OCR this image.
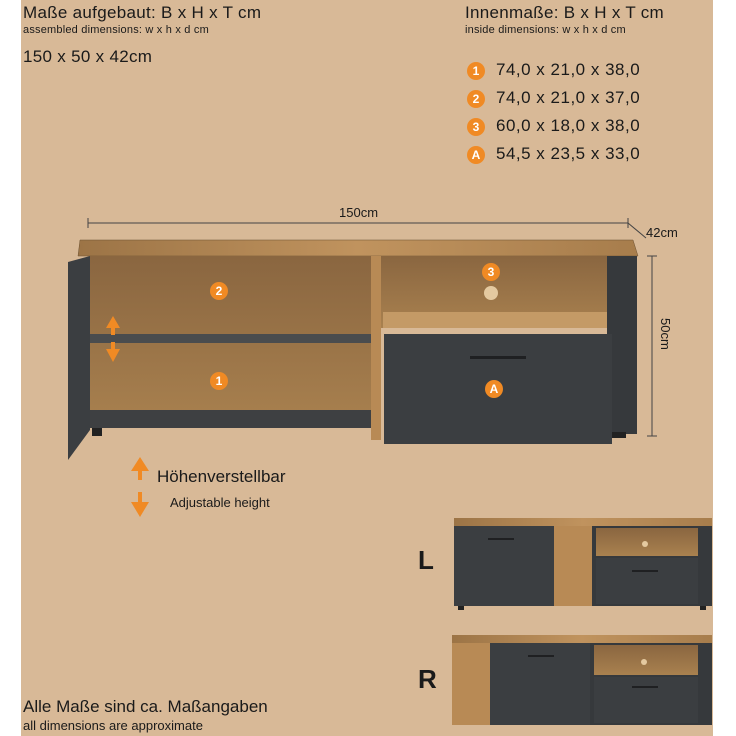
Maße aufgebaut: B x H x T cm
assembled dimensions: w x h x d cm
150 x 50 x 42cm
Innenmaße: B x H x T cm
inside dimensions: w x h x d cm
1 74,0 x 21,0 x 38,0
2 74,0 x 21,0 x 37,0
3 60,0 x 18,0 x 38,0
A 54,5 x 23,5 x 33,0
150cm
42cm
50cm
2
1
3
A
Höhenverstellbar
Adjustable height
L
R
Alle Maße sind ca. Maßangaben
all dimensions are approximate
